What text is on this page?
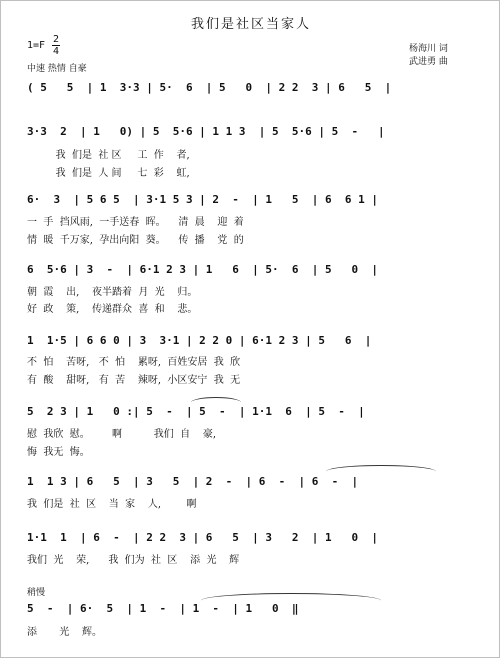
我们是社区当家人
1=F
2
4
中速 热情 自豪
杨海川 词
武进勇 曲
( 5   5  | 1  3·3 | 5·  6  | 5   0  | 2 2  3 | 6   5  |
3·3  2  | 1   0) | 5  5·6 | 1 1 3  | 5  5·6 | 5  -   |
我  们是  社 区     工  作    者,
我  们是  人 间     七  彩    虹,
6·  3  | 5 6 5  | 3·1 5 3 | 2  -  | 1   5  | 6  6 1 |
一  手  挡风雨,  一手送春  晖。    清  晨    迎  着
情  暖  千万家,  孕出向阳  葵。    传  播    党  的
6  5·6 | 3  -  | 6·1 2 3 | 1   6  | 5·  6  | 5   0  |
朝  霞    出,    夜半踏着  月  光    归。
好  政    策,    传递群众  喜  和    悲。
1  1·5 | 6 6 0 | 3  3·1 | 2 2 0 | 6·1 2 3 | 5   6  |
不  怕    苦呀,   不  怕    累呀,  百姓安居  我  欣
有  酸    甜呀,   有  苦    辣呀,  小区安宁  我  无
5  2 3 | 1   0 :| 5  -  | 5  -  | 1·1  6  | 5  -  |
慰  我欣  慰。       啊          我们  自    豪,
悔  我无  悔。
1  1 3 | 6   5  | 3   5  | 2  -  | 6  -  | 6  -  |
我  们是  社  区    当  家    人,        啊
1·1  1  | 6  -  | 2 2  3 | 6   5  | 3   2  | 1   0  |
我们  光    荣,      我  们为  社  区    添  光    辉
稍慢
5  -  | 6·  5  | 1  -  | 1  -  | 1   0  ‖
添       光    辉。
